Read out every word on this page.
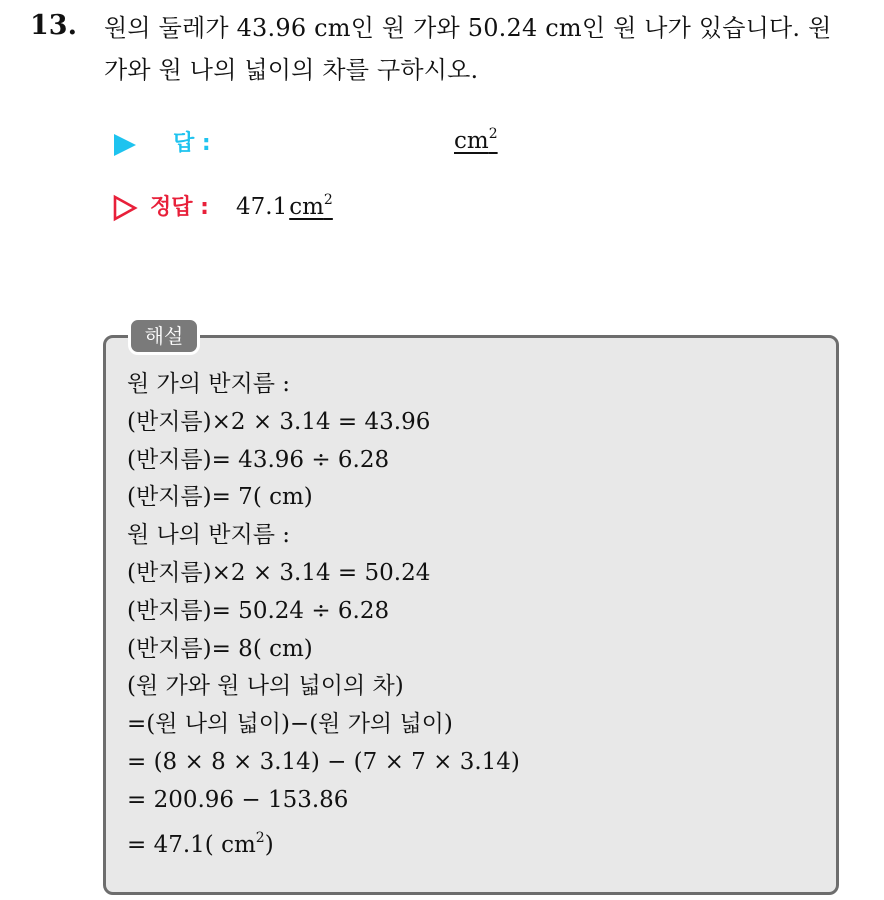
13. 원의 둘레가 43.96 cm인 원 가와 50.24 cm인 원 나가 있습니다. 원
가와 원 나의 넓이의 차를 구하시오.
답 :	$cm^2$
정답 : $47.1cm^2$
해설
원 가의 반지름 :
(반지름)×2 × 3.14 = 43.96
(반지름)= 43.96 ÷ 6.28
(반지름)= 7( cm)
원 나의 반지름 :
(반지름)×2 × 3.14 = 50.24
(반지름)= 50.24 ÷ 6.28
(반지름)= 8( cm)
(원 가와 원 나의 넓이의 차)
=(원 나의 넓이)−(원 가의 넓이)
= (8 × 8 × 3.14) − (7 × 7 × 3.14)
= 200.96 − 153.86
= 47.1( $cm^2$)
